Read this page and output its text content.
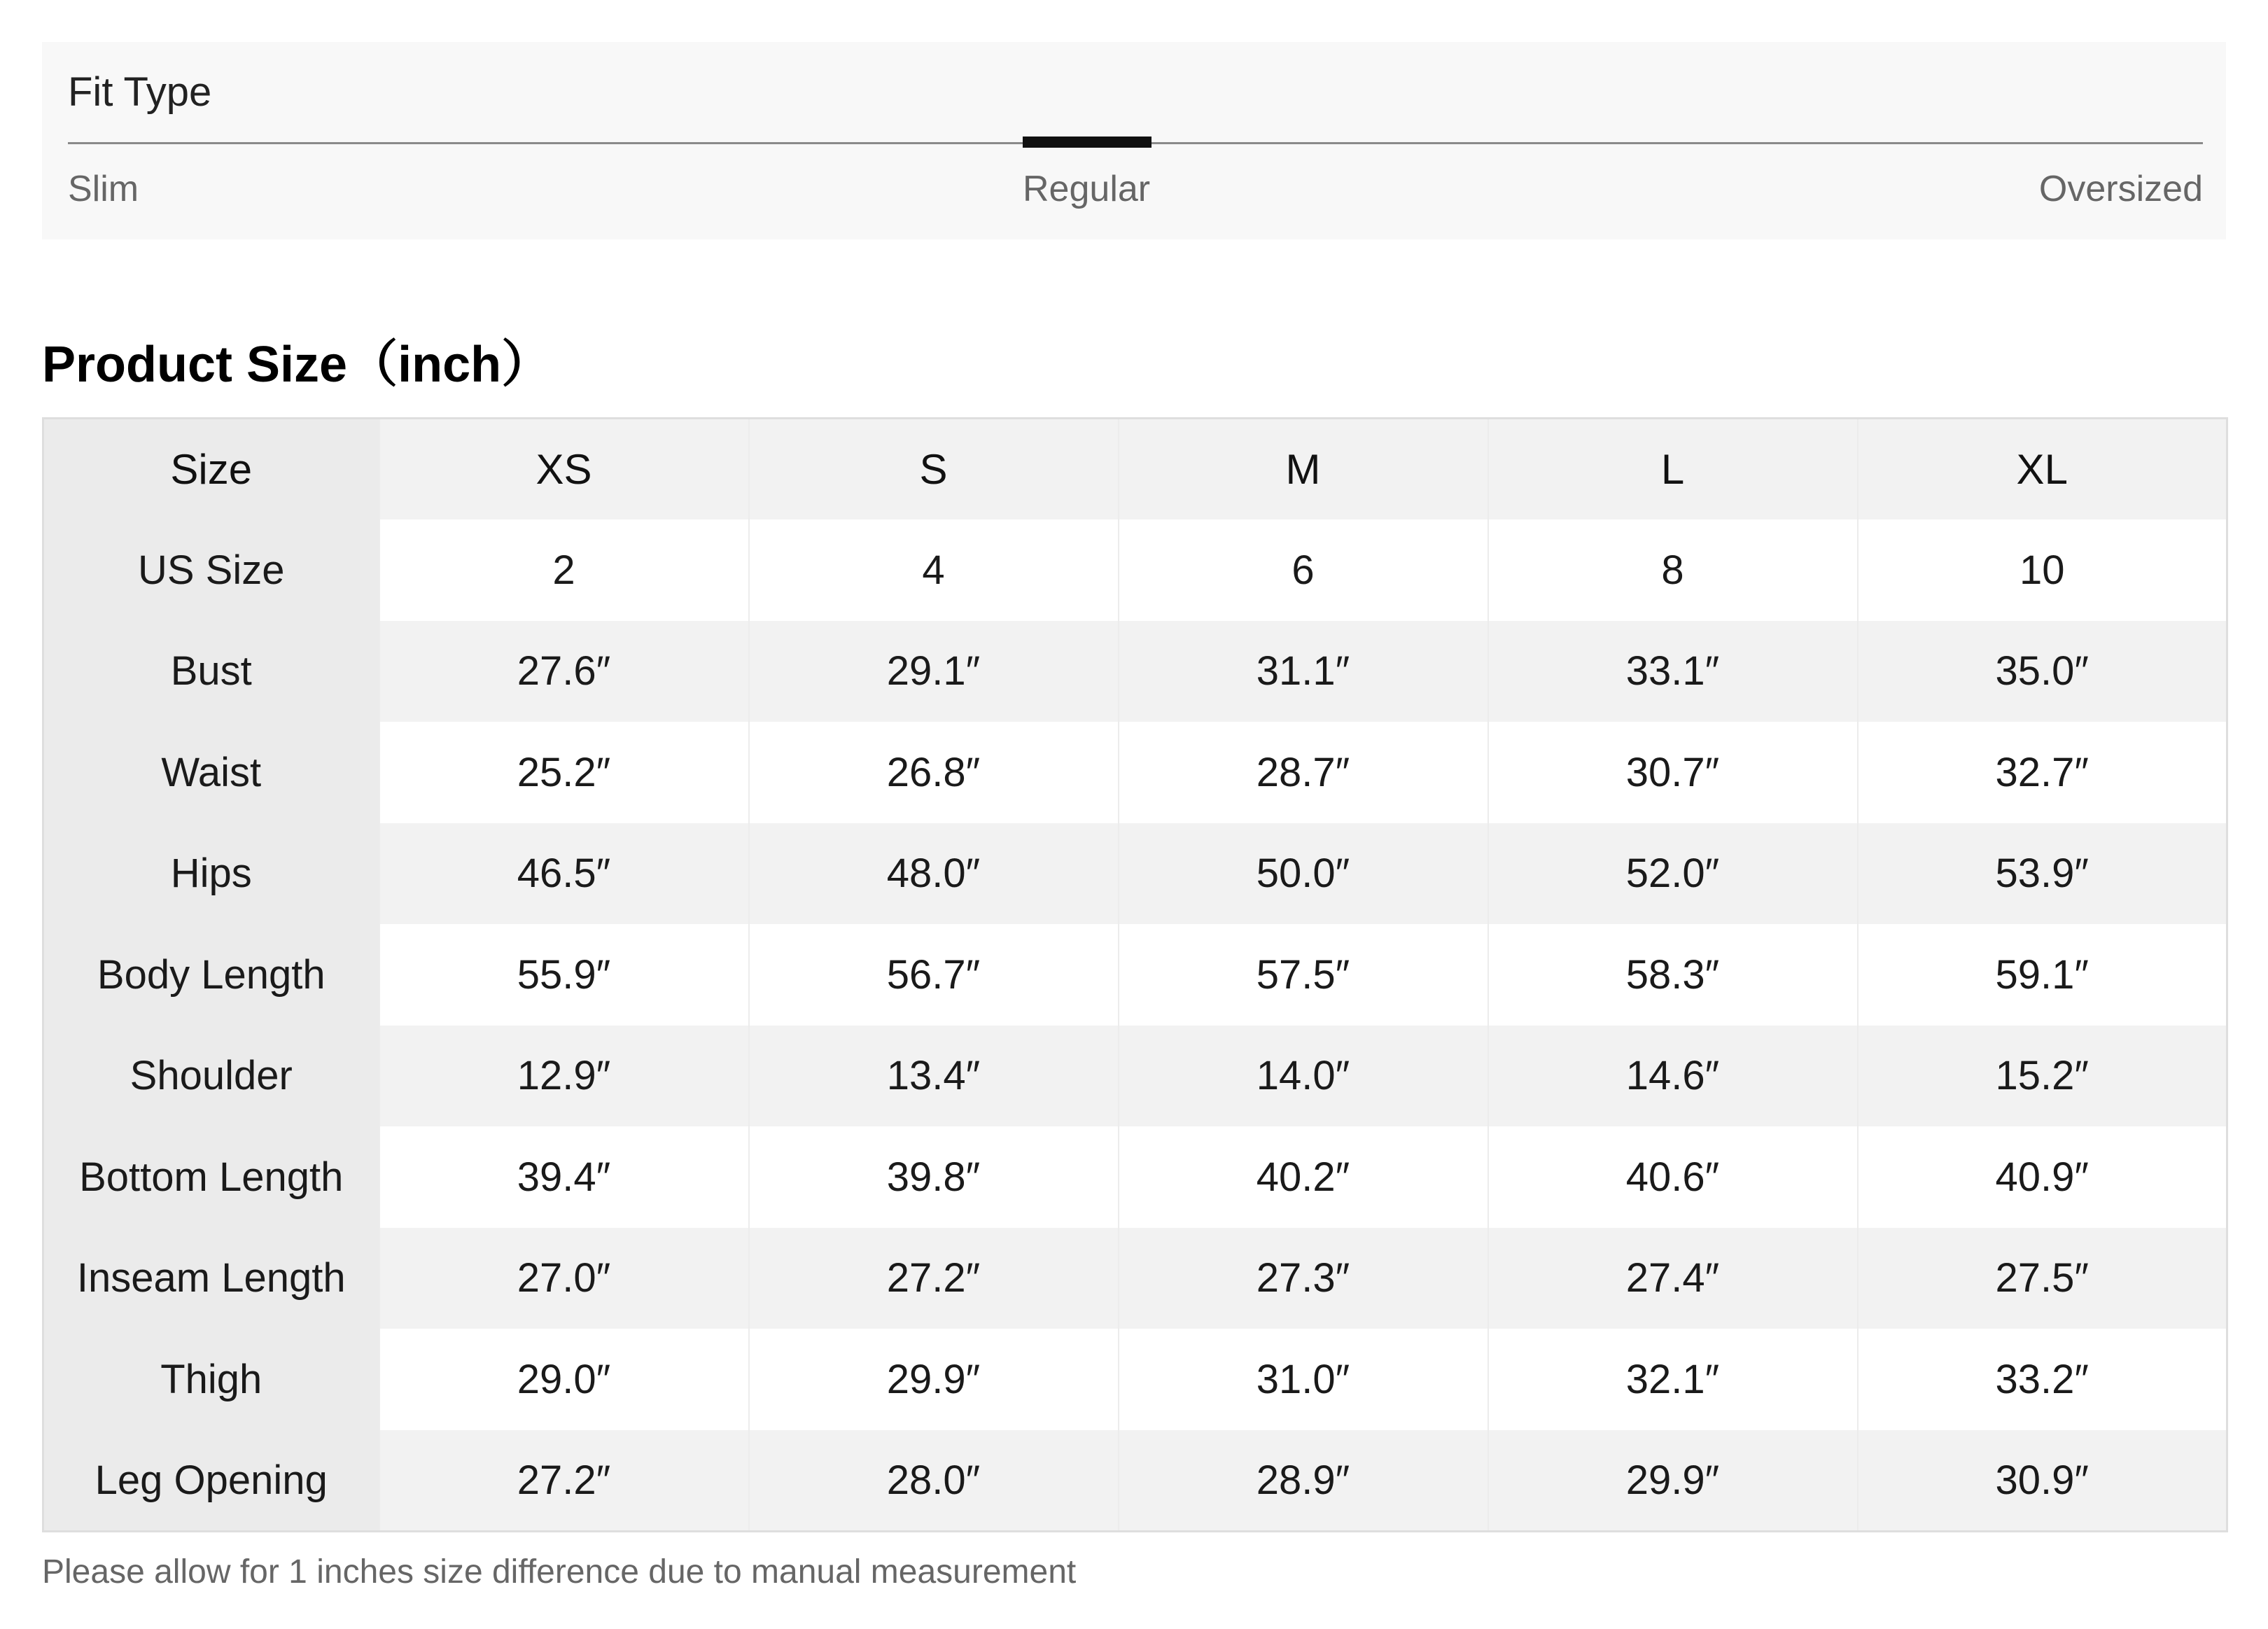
Fit Type
Slim	Regular	Oversized
Product Size（inch）
Size	XS	S	M	L	XL
US Size	2	4	6	8	10
Bust	27.6″	29.1″	31.1″	33.1″	35.0″
Waist	25.2″	26.8″	28.7″	30.7″	32.7″
Hips	46.5″	48.0″	50.0″	52.0″	53.9″
Body Length	55.9″	56.7″	57.5″	58.3″	59.1″
Shoulder	12.9″	13.4″	14.0″	14.6″	15.2″
Bottom Length	39.4″	39.8″	40.2″	40.6″	40.9″
Inseam Length	27.0″	27.2″	27.3″	27.4″	27.5″
Thigh	29.0″	29.9″	31.0″	32.1″	33.2″
Leg Opening	27.2″	28.0″	28.9″	29.9″	30.9″
Please allow for 1 inches size difference due to manual measurement
